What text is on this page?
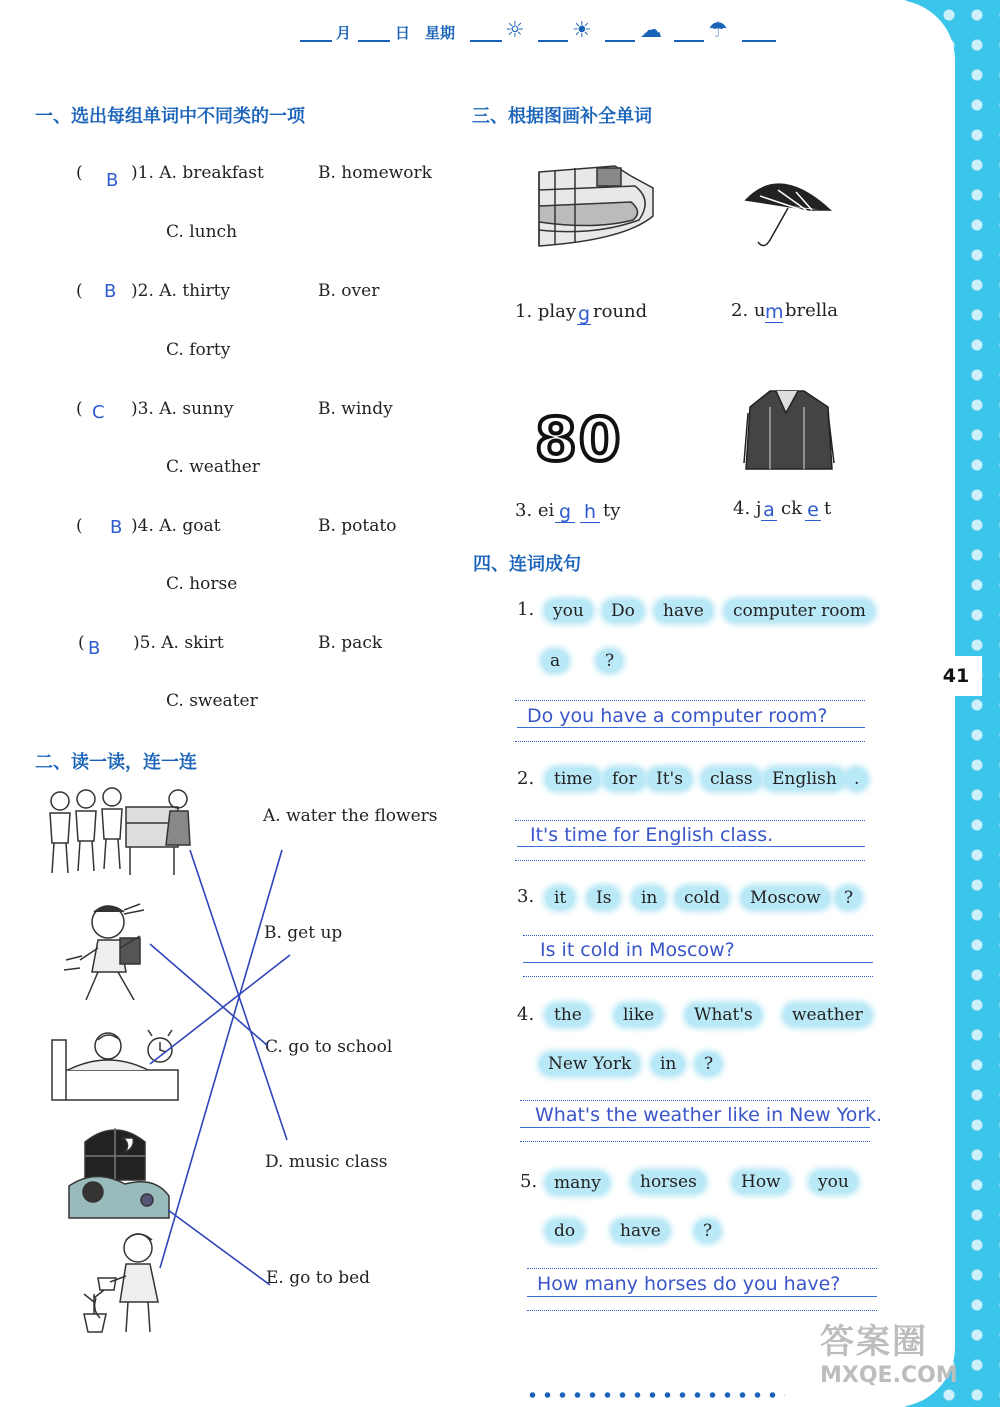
41
月	日 星期 ☼ ☀ ☁ ☂
一、选出每组单词中不同类的一项
( B )1. A. breakfast	B. homework
C. lunch
( B )2. A. thirty	B. over
C. forty
( C )3. A. sunny	B. windy
C. weather
( B )4. A. goat	B. potato
C. horse
( B )5. A. skirt	B. pack
C. sweater
二、读一读，连一连
A. water the flowers
B. get up
C. go to school
D. music class
E. go to bed
三、根据图画补全单词
1. play g round	2. u m brella
80
3. ei g h ty	4. j a ck e t
四、连词成句
1.	you	Do	have	computer room
a	?
Do you have a computer room?
2.	time	for	It's	class	English	.
It's time for English class.
3.	it	Is	in	cold	Moscow	?
Is it cold in Moscow?
4.	the	like	What's	weather
New York	in	?
What's the weather like in New York.
5. many	horses	How	you
do	have	?
How many horses do you have?
答案圈
MXQE.COM
